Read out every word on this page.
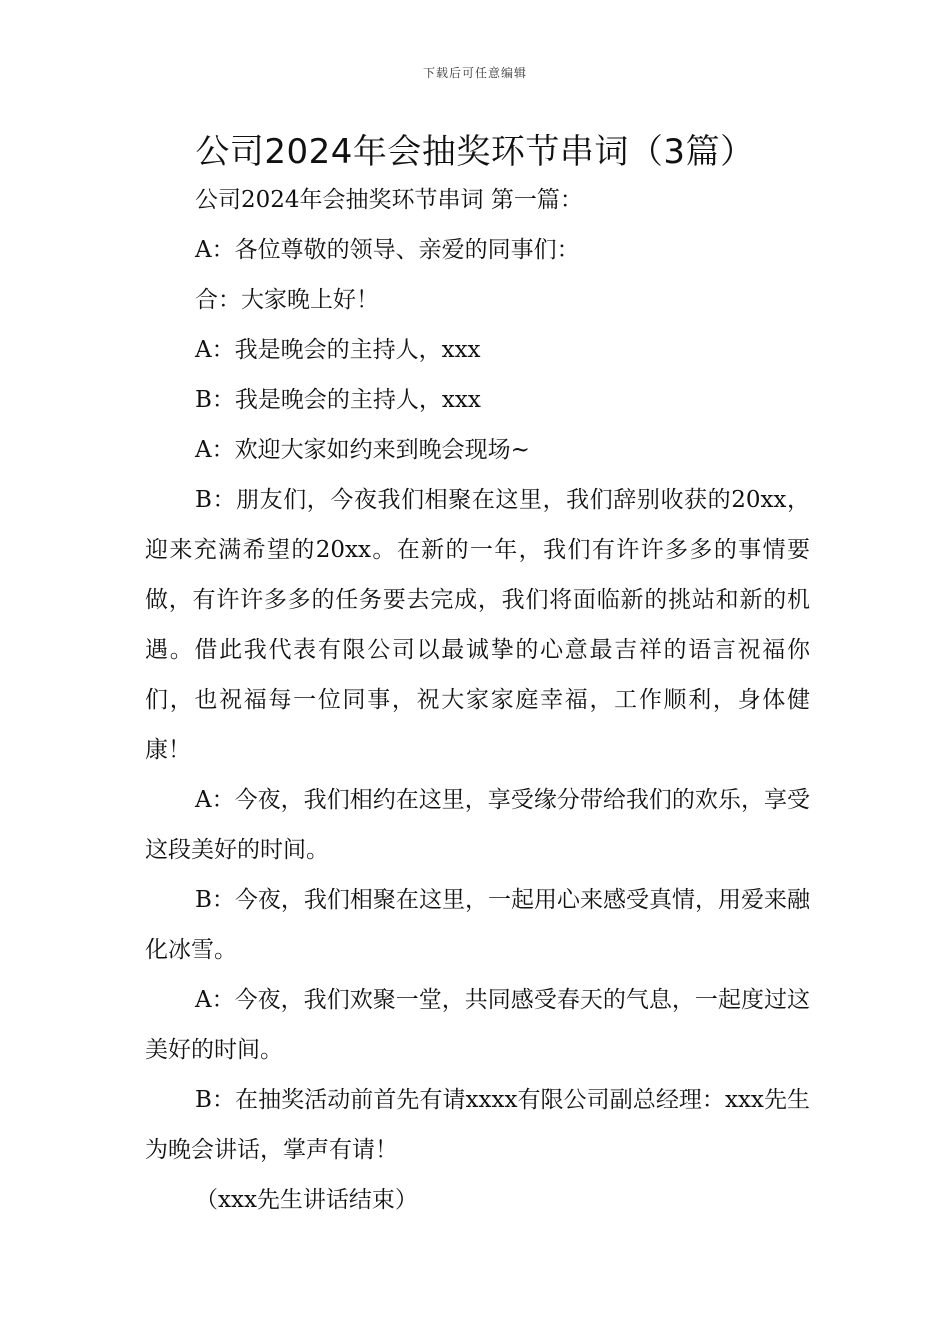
下载后可任意编辑
公司2024年会抽奖环节串词（3篇）

公司2024年会抽奖环节串词 第一篇：

A：各位尊敬的领导、亲爱的同事们：

合：大家晚上好！

A：我是晚会的主持人，xxx

B：我是晚会的主持人，xxx

A：欢迎大家如约来到晚会现场~

B：朋友们，今夜我们相聚在这里，我们辞别收获的20xx，迎来充满希望的20xx。在新的一年，我们有许许多多的事情要做，有许许多多的任务要去完成，我们将面临新的挑站和新的机遇。借此我代表有限公司以最诚挚的心意最吉祥的语言祝福你们，也祝福每一位同事，祝大家家庭幸福，工作顺利，身体健康！

A：今夜，我们相约在这里，享受缘分带给我们的欢乐，享受这段美好的时间。

B：今夜，我们相聚在这里，一起用心来感受真情，用爱来融化冰雪。

A：今夜，我们欢聚一堂，共同感受春天的气息，一起度过这美好的时间。

B：在抽奖活动前首先有请xxxx有限公司副总经理：xxx先生为晚会讲话，掌声有请！

（xxx先生讲话结束）
